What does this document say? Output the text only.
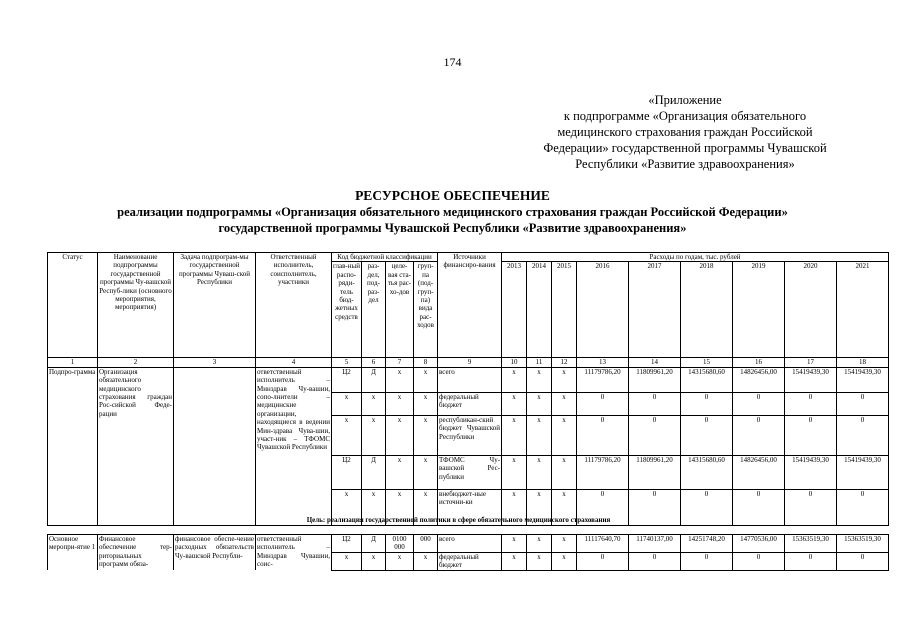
174
«Приложение
к подпрограмме «Организация обязательного
медицинского страхования граждан Российской
Федерации» государственной программы Чувашской
Республики «Развитие здравоохранения»
РЕСУРСНОЕ ОБЕСПЕЧЕНИЕ
реализации подпрограммы «Организация обязательного медицинского страхования граждан Российской Федерации»
государственной программы Чувашской Республики «Развитие здравоохранения»
Статус	Наименование подпрограммы государственной программы Чу-вашской Респуб-лики (основного мероприятия, мероприятия)	Задача подпрограм-мы государственной программы Чуваш-ской Республики	Ответственный исполнитель, соисполнитель, участники	Код бюджетной классификации				Источники финансиро-вания	Расходы по годам, тыс. рублей								
				глав-ный распо-ряди-тель бюд-жетных средств	раз-дел, под-раз-дел	целе-вая ста-тья рас-хо-дов	груп-па (под-груп-па) вида рас-ходов		2013	2014	2015	2016	2017	2018	2019	2020	2021
1	2	3	4	5	6	7	8	9	10	11	12	13	14	15	16	17	18
Подпро-грамма	Организация обязательного медицинского страхования граждан Рос-сийской Феде-рации		ответственный исполнитель – Минздрав Чу-вашии, сопо-лнители – медицинские организации, находящиеся в ведении Мин-здрава Чува-шии, участ-ник – ТФОМС Чувашской Республики	Ц2	Д	х	х	всего	х	х	х	11179786,20	11809961,20	14315680,60	14826456,00	15419439,30	15419439,30
				х	х	х	х	федеральный бюджет	х	х	х	0	0	0	0	0	0
				х	х	х	х	республикан-ский бюджет Чувашской Республики	х	х	х	0	0	0	0	0	0
				Ц2	Д	х	х	ТФОМС Чу-вашской Рес-публики	х	х	х	11179786,20	11809961,20	14315680,60	14826456,00	15419439,30	15419439,30
				х	х	х	х	внебюджет-ные источни-ки	х	х	х	0	0	0	0	0	0
Цель: реализация государственной политики в сфере обязательного медицинского страхования
Основное меропри-ятие 1	Финансовое обеспечение тер-риториальных программ обяза-	финансовое обеспе-чение расходных обязательств Чу-вашской Республи-	ответственный исполнитель – Минздрав Чувашии, соис-	Ц2	Д	0100 000	000	всего	х	х	х	11117640,70	11740137,00	14251748,20	14770536,00	15363519,30	15363519,30
				х	х	х	х	федеральный бюджет	х	х	х	0	0	0	0	0	0
